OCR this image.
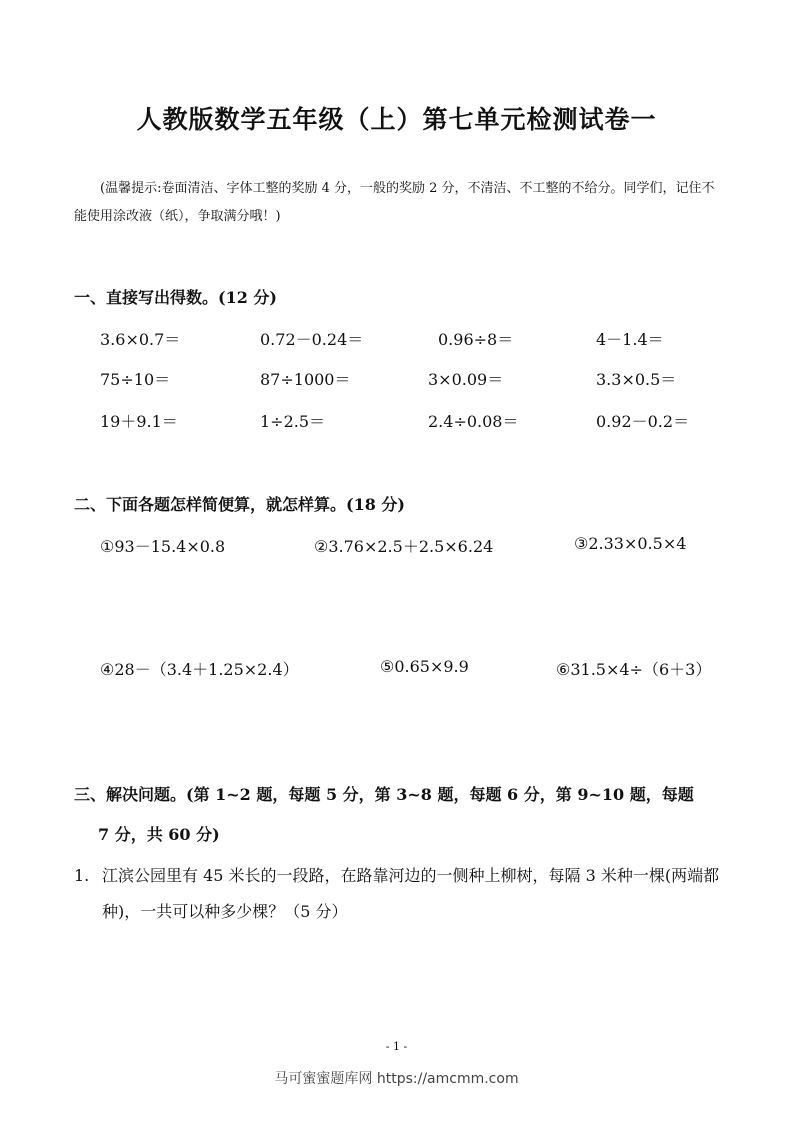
人教版数学五年级（上）第七单元检测试卷一
(温馨提示:卷面清洁、字体工整的奖励 4 分，一般的奖励 2 分，不清洁、不工整的不给分。同学们，记住不能使用涂改液（纸），争取满分哦！)
一、直接写出得数。(12 分)
3.6×0.7＝	0.72－0.24＝	0.96÷8＝	4－1.4＝
75÷10＝	87÷1000＝	3×0.09＝	3.3×0.5＝
19＋9.1＝	1÷2.5＝	2.4÷0.08＝	0.92－0.2＝
二、下面各题怎样简便算，就怎样算。(18 分)
①93－15.4×0.8	②3.76×2.5＋2.5×6.24	③2.33×0.5×4
④28－（3.4＋1.25×2.4）	⑤0.65×9.9	⑥31.5×4÷（6＋3）
三、解决问题。(第 1~2 题，每题 5 分，第 3~8 题，每题 6 分，第 9~10 题，每题
7 分，共 60 分)
1. 江滨公园里有 45 米长的一段路，在路靠河边的一侧种上柳树，每隔 3 米种一棵(两端都种)，一共可以种多少棵？（5 分）
- 1 -
马可蜜蜜题库网 https://amcmm.com
